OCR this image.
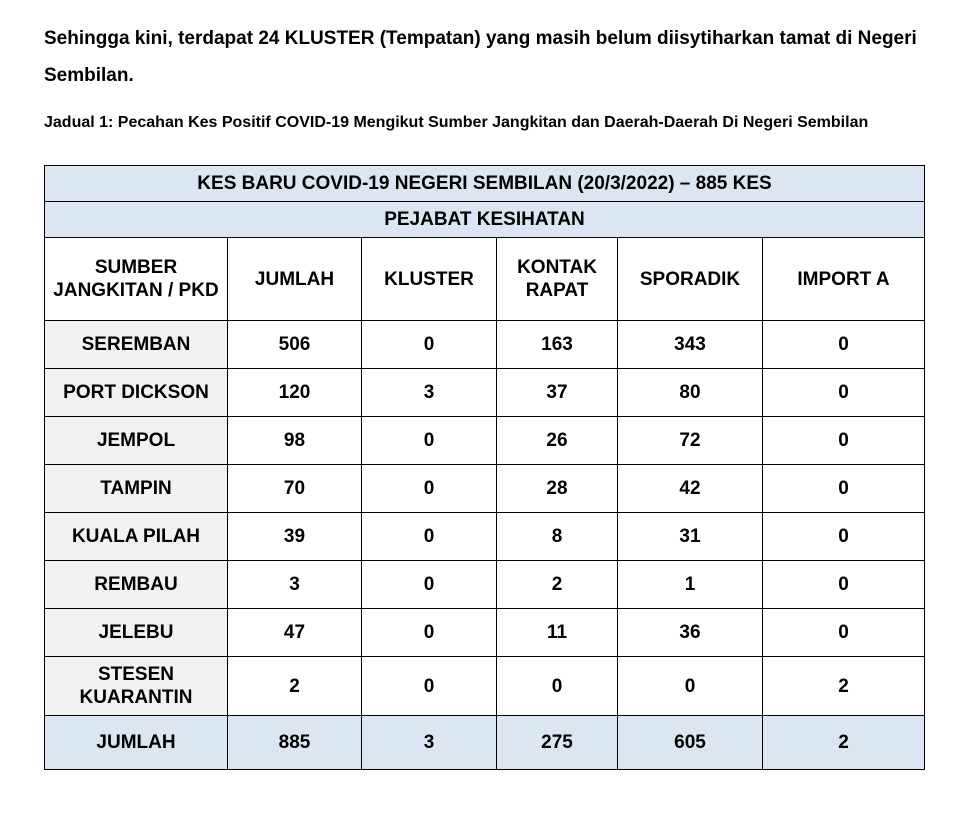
Sehingga kini, terdapat 24 KLUSTER (Tempatan) yang masih belum diisytiharkan tamat di Negeri Sembilan.

Jadual 1: Pecahan Kes Positif COVID-19 Mengikut Sumber Jangkitan dan Daerah-Daerah Di Negeri Sembilan

KES BARU COVID-19 NEGERI SEMBILAN (20/3/2022) – 885 KES					
PEJABAT KESIHATAN					
SUMBER JANGKITAN / PKD	JUMLAH	KLUSTER	KONTAK RAPAT	SPORADIK	IMPORT A
SEREMBAN	506	0	163	343	0
PORT DICKSON	120	3	37	80	0
JEMPOL	98	0	26	72	0
TAMPIN	70	0	28	42	0
KUALA PILAH	39	0	8	31	0
REMBAU	3	0	2	1	0
JELEBU	47	0	11	36	0
STESEN KUARANTIN	2	0	0	0	2
JUMLAH	885	3	275	605	2
